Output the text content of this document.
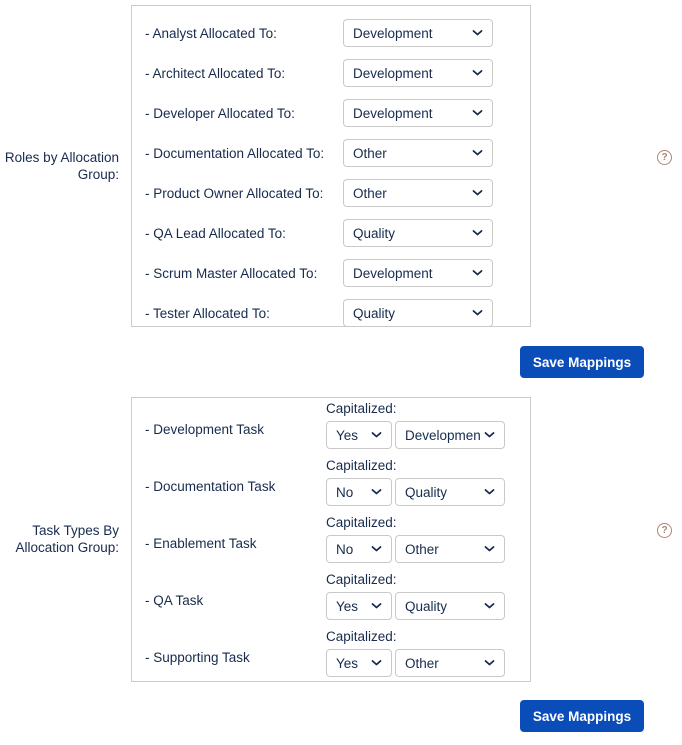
Roles by Allocation
Group:
- Analyst Allocated To:
Development
- Architect Allocated To:
Development
- Developer Allocated To:
Development
- Documentation Allocated To:
Other
- Product Owner Allocated To:
Other
- QA Lead Allocated To:
Quality
- Scrum Master Allocated To:
Development
- Tester Allocated To:
Quality
?
Save Mappings
Task Types By
Allocation Group:
- Development Task
Capitalized:
Yes
Development
- Documentation Task
Capitalized:
No
Quality
- Enablement Task
Capitalized:
No
Other
- QA Task
Capitalized:
Yes
Quality
- Supporting Task
Capitalized:
Yes
Other
?
Save Mappings
